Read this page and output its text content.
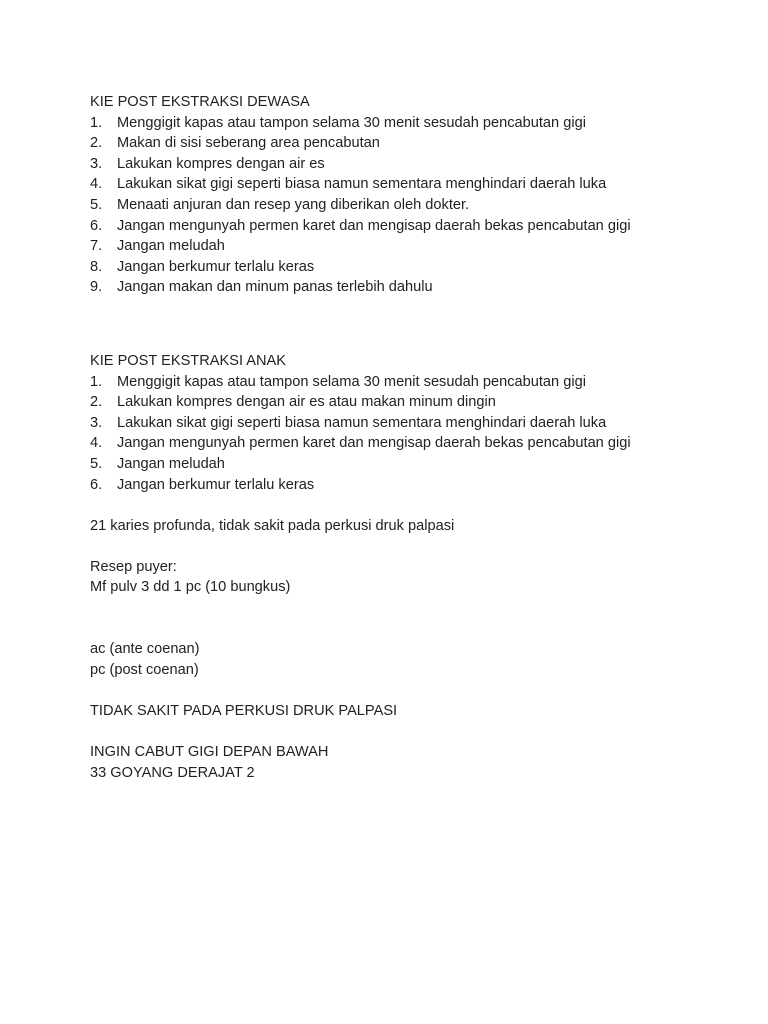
KIE POST EKSTRAKSI DEWASA
1.	Menggigit kapas atau tampon selama 30 menit sesudah pencabutan gigi
2.	Makan di sisi seberang area pencabutan
3.	Lakukan kompres dengan air es
4.	Lakukan sikat gigi seperti biasa namun sementara menghindari daerah luka
5.	Menaati anjuran dan resep yang diberikan oleh dokter.
6.	Jangan mengunyah permen karet dan mengisap daerah bekas pencabutan gigi
7.	Jangan meludah
8.	Jangan berkumur terlalu keras
9.	Jangan makan dan minum panas terlebih dahulu
KIE POST EKSTRAKSI ANAK
1.	Menggigit kapas atau tampon selama 30 menit sesudah pencabutan gigi
2.	Lakukan kompres dengan air es atau makan minum dingin
3.	Lakukan sikat gigi seperti biasa namun sementara menghindari daerah luka
4.	Jangan mengunyah permen karet dan mengisap daerah bekas pencabutan gigi
5.	Jangan meludah
6.	Jangan berkumur terlalu keras
21 karies profunda, tidak sakit pada perkusi druk palpasi
Resep puyer:
Mf pulv 3 dd 1 pc (10 bungkus)
ac (ante coenan)
pc (post coenan)
TIDAK SAKIT PADA PERKUSI DRUK PALPASI
INGIN CABUT GIGI DEPAN BAWAH
33 GOYANG DERAJAT 2
